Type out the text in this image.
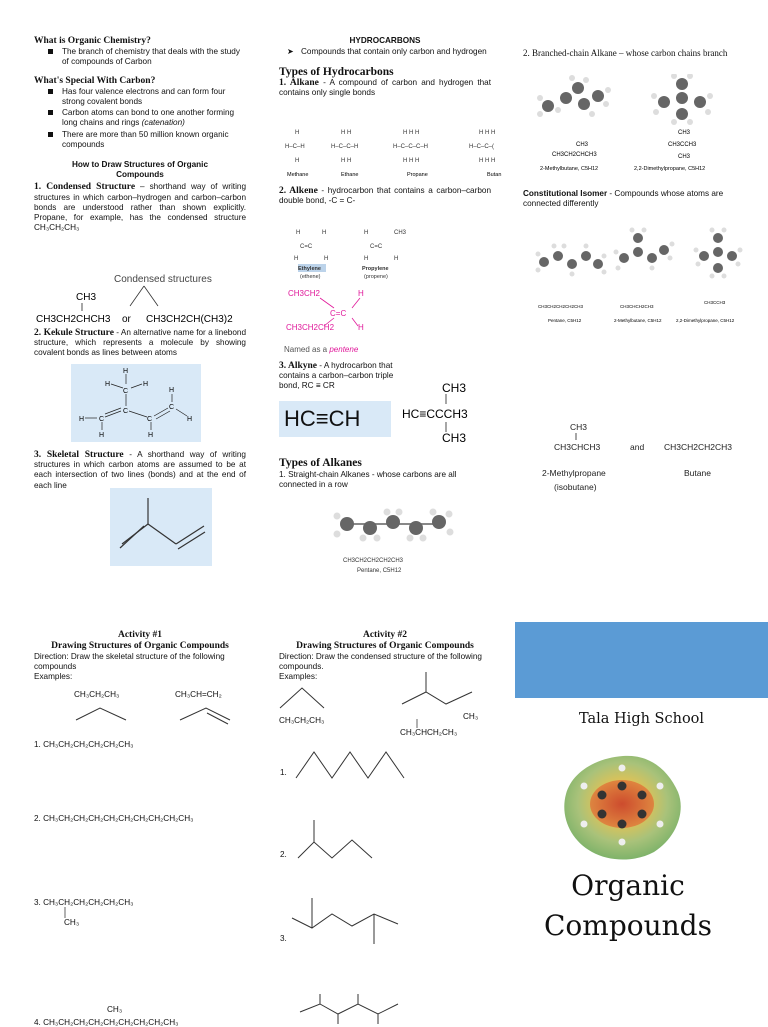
What is Organic Chemistry?
The branch of chemistry that deals with the study of compounds of Carbon
What's Special With Carbon?
Has four valence electrons and can form four strong covalent bonds
Carbon atoms can bond to one another forming long chains and rings (catenation)
There are more than 50 million known organic compounds
How to Draw Structures of Organic Compounds

1. Condensed Structure – shorthand way of writing structures in which carbon–hydrogen and carbon–carbon bonds are understood rather than shown explicitly. Propane, for example, has the condensed structure CH₃CH₂CH₃

Condensed structures
CH3
CH3CH2CHCH3 or CH3CH2CH(CH3)2

2. Kekule Structure - An alternative name for a linebond structure, which represents a molecule by showing covalent bonds as lines between atoms

H
H	H
C
C
C
H
H
C
H
C
H
H

3. Skeletal Structure - A shorthand way of writing structures in which carbon atoms are assumed to be at each intersection of two lines (bonds) and at the end of each line

HYDROCARBONS
➤ Compounds that contain only carbon and hydrogen
Types of Hydrocarbons

1. Alkane - A compound of carbon and hydrogen that contains only single bonds

H
H–C–H
H
H H
H–C–C–H
H H
H H H
H–C–C–C–H
H H H
H H H
H–C–C–(
H H H
Methane	Ethane	Propane	Butan

2. Alkene - hydrocarbon that contains a carbon–carbon double bond, -C = C-

H	H
C=C
H	H
H	CH3
C=C
H	H
Ethylene
(ethene)
Propylene
(propene)
CH3CH2	H
C=C
CH3CH2CH2	H
Named as a pentene

3. Alkyne - A hydrocarbon that contains a carbon–carbon triple bond, RC ≡ CR

HC≡CH
CH3
HC≡CCCH3
CH3
Types of Alkanes

1. Straight-chain Alkanes - whose carbons are all connected in a row

CH3CH2CH2CH2CH3
Pentane, C5H12

2. Branched-chain Alkane – whose carbon chains branch

CH3
CH3CH2CHCH3
2-Methylbutane, C5H12
CH3
CH3CCH3
CH3
2,2-Dimethylpropane, C5H12

Constitutional Isomer - Compounds whose atoms are connected differently

CH3CH2CH2CH2CH3
Pentane, C5H12
CH3CHCH2CH3
2-Methylbutane, C5H12
CH3CCH3
2,2-Dimethylpropane, C5H12
CH3
CH3CHCH3	and CH3CH2CH2CH3
2-Methylpropane
(isobutane)
Butane
Activity #1
Drawing Structures of Organic Compounds
Direction: Draw the skeletal structure of the following compounds
Examples:
CH₃CH₂CH₃	CH₃CH=CH₂
1. CH₃CH₂CH₂CH₂CH₂CH₃
2. CH₃CH₂CH₂CH₂CH₂CH₂CH₂CH₂CH₂CH₃
3. CH₃CH₂CH₂CH₂CH₂CH₃
CH₃
CH₃
4. CH₃CH₂CH₂CH₂CH₂CH₂CH₂CH₂CH₃
Activity #2
Drawing Structures of Organic Compounds
Direction: Draw the condensed structure of the following compounds.
Examples:
CH₃CH₂CH₃	CH₃
CH₃CHCH₂CH₃
1.
2.
3.
Tala High School
Organic Compounds
